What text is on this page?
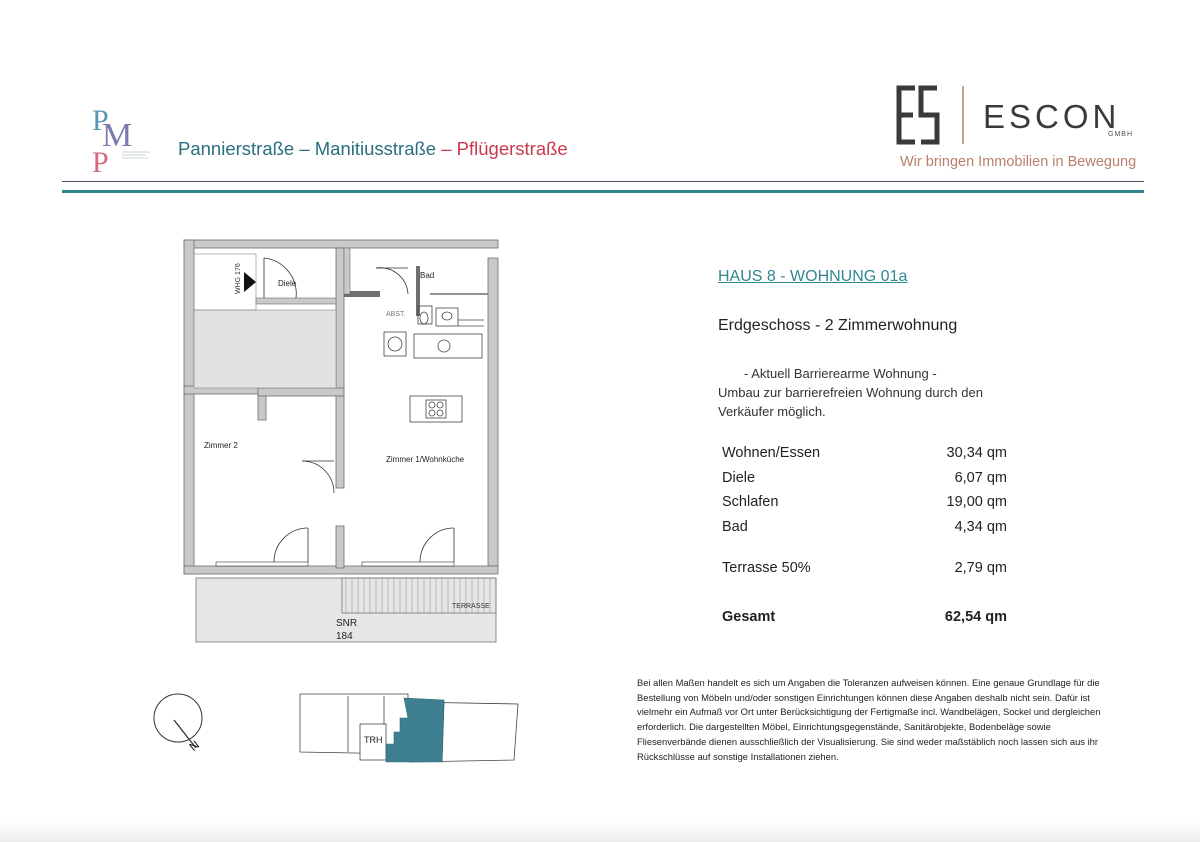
P
M
P	Pannierstraße – Manitiusstraße – Pflügerstraße
ESCON
GMBH
Wir bringen Immobilien in Bewegung
TERRASSE
SNR
184
ABST.
WHG 176	Diele
Bad
Zimmer 2
Zimmer 1/Wohnküche
N	TRH
HAUS 8 - WOHNUNG 01a
Erdgeschoss - 2 Zimmerwohnung
- Aktuell Barrierearme Wohnung -
Umbau zur barrierefreien Wohnung durch den Verkäufer möglich.
Wohnen/Essen	30,34 qm
Diele	6,07 qm
Schlafen	19,00 qm
Bad	4,34 qm
Terrasse 50%	2,79 qm
Gesamt	62,54 qm
Bei allen Maßen handelt es sich um Angaben die Toleranzen aufweisen können. Eine genaue Grundlage für die Bestellung von Möbeln und/oder sonstigen Einrichtungen können diese Angaben deshalb nicht sein. Dafür ist vielmehr ein Aufmaß vor Ort unter Berücksichtigung der Fertigmaße incl. Wandbelägen, Sockel und dergleichen erforderlich. Die dargestellten Möbel, Einrichtungsgegenstände, Sanitärobjekte, Bodenbeläge sowie Fliesenverbände dienen ausschließlich der Visualisierung. Sie sind weder maßstäblich noch lassen sich aus ihr Rückschlüsse auf sonstige Installationen ziehen.
